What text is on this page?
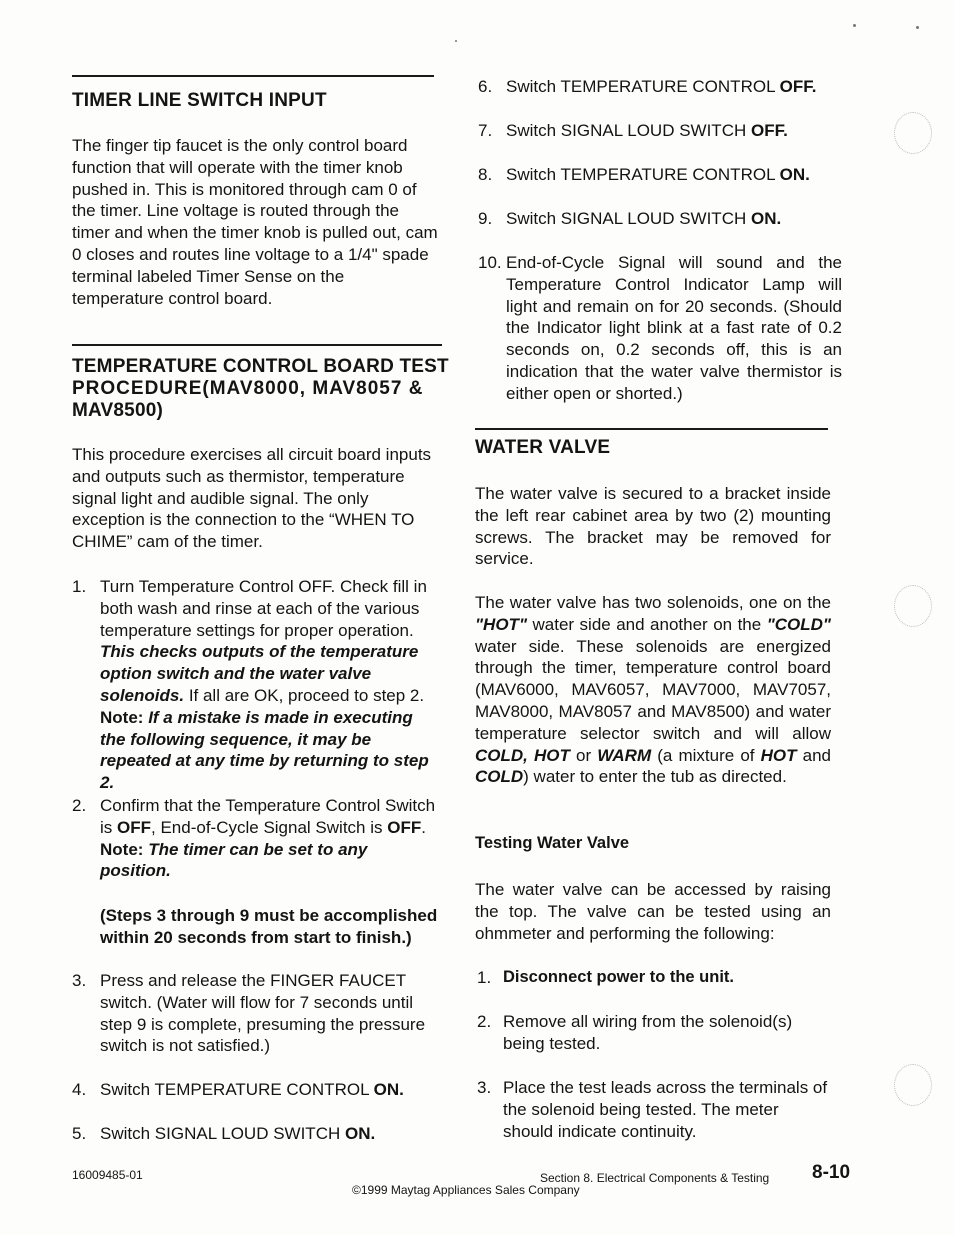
TIMER LINE SWITCH INPUT
The finger tip faucet is the only control board function that will operate with the timer knob pushed in. This is monitored through cam 0 of the timer. Line voltage is routed through the timer and when the timer knob is pulled out, cam 0 closes and routes line voltage to a 1/4" spade terminal labeled Timer Sense on the temperature control board.
TEMPERATURE CONTROL BOARD TEST
PROCEDURE(MAV8000, MAV8057 &
MAV8500)
This procedure exercises all circuit board inputs and outputs such as thermistor, temperature signal light and audible signal. The only exception is the connection to the “WHEN TO CHIME” cam of the timer.
1. Turn Temperature Control OFF. Check fill in both wash and rinse at each of the various temperature settings for proper operation. This checks outputs of the temperature option switch and the water valve solenoids. If all are OK, proceed to step 2. Note: If a mistake is made in executing the following sequence, it may be repeated at any time by returning to step 2.
2. Confirm that the Temperature Control Switch is OFF, End-of-Cycle Signal Switch is OFF. Note: The timer can be set to any position.
(Steps 3 through 9 must be accomplished within 20 seconds from start to finish.)
3. Press and release the FINGER FAUCET switch. (Water will flow for 7 seconds until step 9 is complete, presuming the pressure switch is not satisfied.)
4. Switch TEMPERATURE CONTROL ON.
5. Switch SIGNAL LOUD SWITCH ON.
6. Switch TEMPERATURE CONTROL OFF.
7. Switch SIGNAL LOUD SWITCH OFF.
8. Switch TEMPERATURE CONTROL ON.
9. Switch SIGNAL LOUD SWITCH ON.
10. End-of-Cycle Signal will sound and the Temperature Control Indicator Lamp will light and remain on for 20 seconds. (Should the Indicator light blink at a fast rate of 0.2 seconds on, 0.2 seconds off, this is an indication that the water valve thermistor is either open or shorted.)
WATER VALVE
The water valve is secured to a bracket inside the left rear cabinet area by two (2) mounting screws. The bracket may be removed for service.
The water valve has two solenoids, one on the "HOT" water side and another on the "COLD" water side. These solenoids are energized through the timer, temperature control board (MAV6000, MAV6057, MAV7000, MAV7057, MAV8000, MAV8057 and MAV8500) and water temperature selector switch and will allow COLD, HOT or WARM (a mixture of HOT and COLD) water to enter the tub as directed.
Testing Water Valve
The water valve can be accessed by raising the top. The valve can be tested using an ohmmeter and performing the following:
1. Disconnect power to the unit.
2. Remove all wiring from the solenoid(s) being tested.
3. Place the test leads across the terminals of the solenoid being tested. The meter should indicate continuity.
16009485-01	Section 8. Electrical Components & Testing
©1999 Maytag Appliances Sales Company
8-10
